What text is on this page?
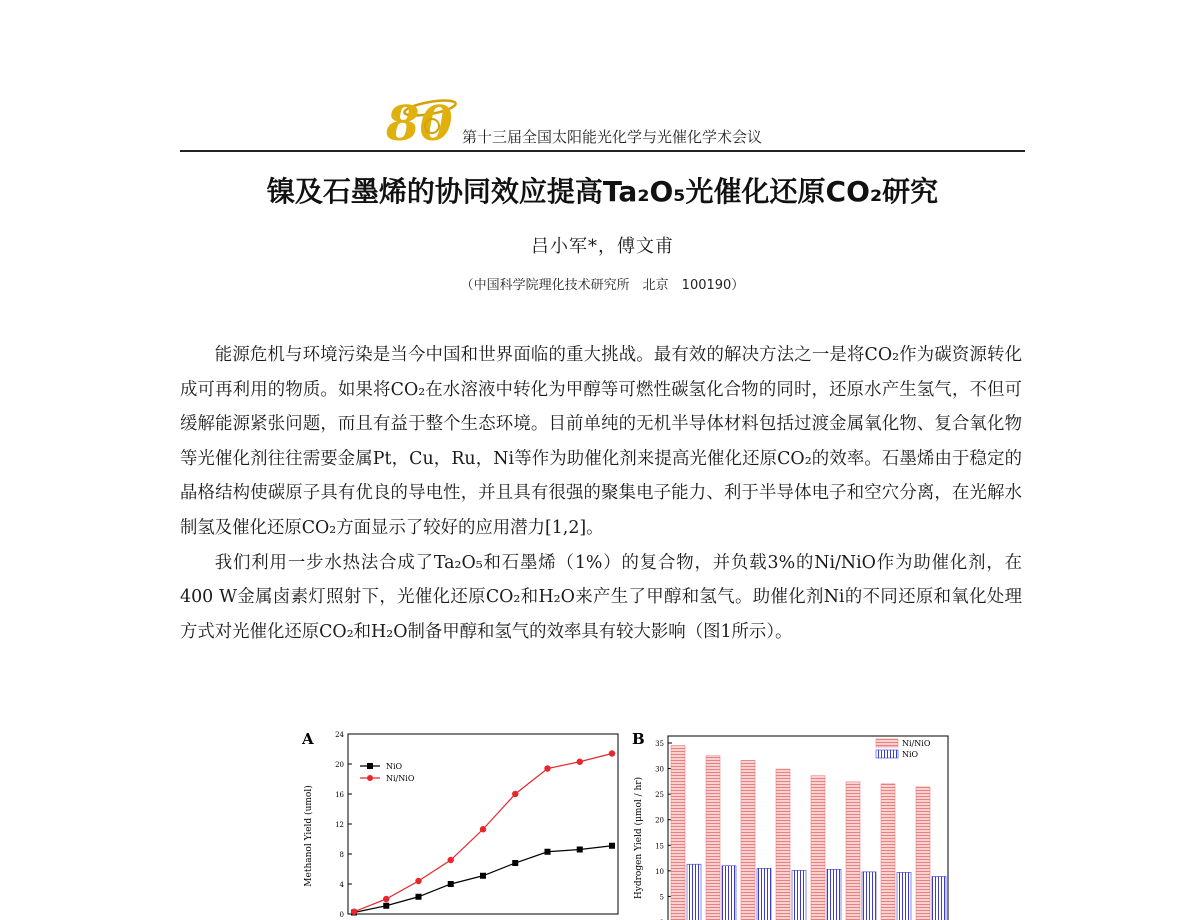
80 第十三届全国太阳能光化学与光催化学术会议
镍及石墨烯的协同效应提高Ta₂O₅光催化还原CO₂研究
吕小军*，傅文甫
（中国科学院理化技术研究所　北京　100190）

能源危机与环境污染是当今中国和世界面临的重大挑战。最有效的解决方法之一是将CO₂作为碳资源转化成可再利用的物质。如果将CO₂在水溶液中转化为甲醇等可燃性碳氢化合物的同时，还原水产生氢气，不但可缓解能源紧张问题，而且有益于整个生态环境。目前单纯的无机半导体材料包括过渡金属氧化物、复合氧化物等光催化剂往往需要金属Pt，Cu，Ru，Ni等作为助催化剂来提高光催化还原CO₂的效率。石墨烯由于稳定的晶格结构使碳原子具有优良的导电性，并且具有很强的聚集电子能力、利于半导体电子和空穴分离，在光解水制氢及催化还原CO₂方面显示了较好的应用潜力[1,2]。

我们利用一步水热法合成了Ta₂O₅和石墨烯（1%）的复合物，并负载3%的Ni/NiO作为助催化剂，在400 W金属卤素灯照射下，光催化还原CO₂和H₂O来产生了甲醇和氢气。助催化剂Ni的不同还原和氧化处理方式对光催化还原CO₂和H₂O制备甲醇和氢气的效率具有较大影响（图1所示）。

A
Methanol Yield (umol)
0
4
8
12
16
20
24
NiO
Ni/NiO
B
Hydrogen Yield (μmol / hr) 5
10
15
20
25
30
35	Ni/NiO
NiO
